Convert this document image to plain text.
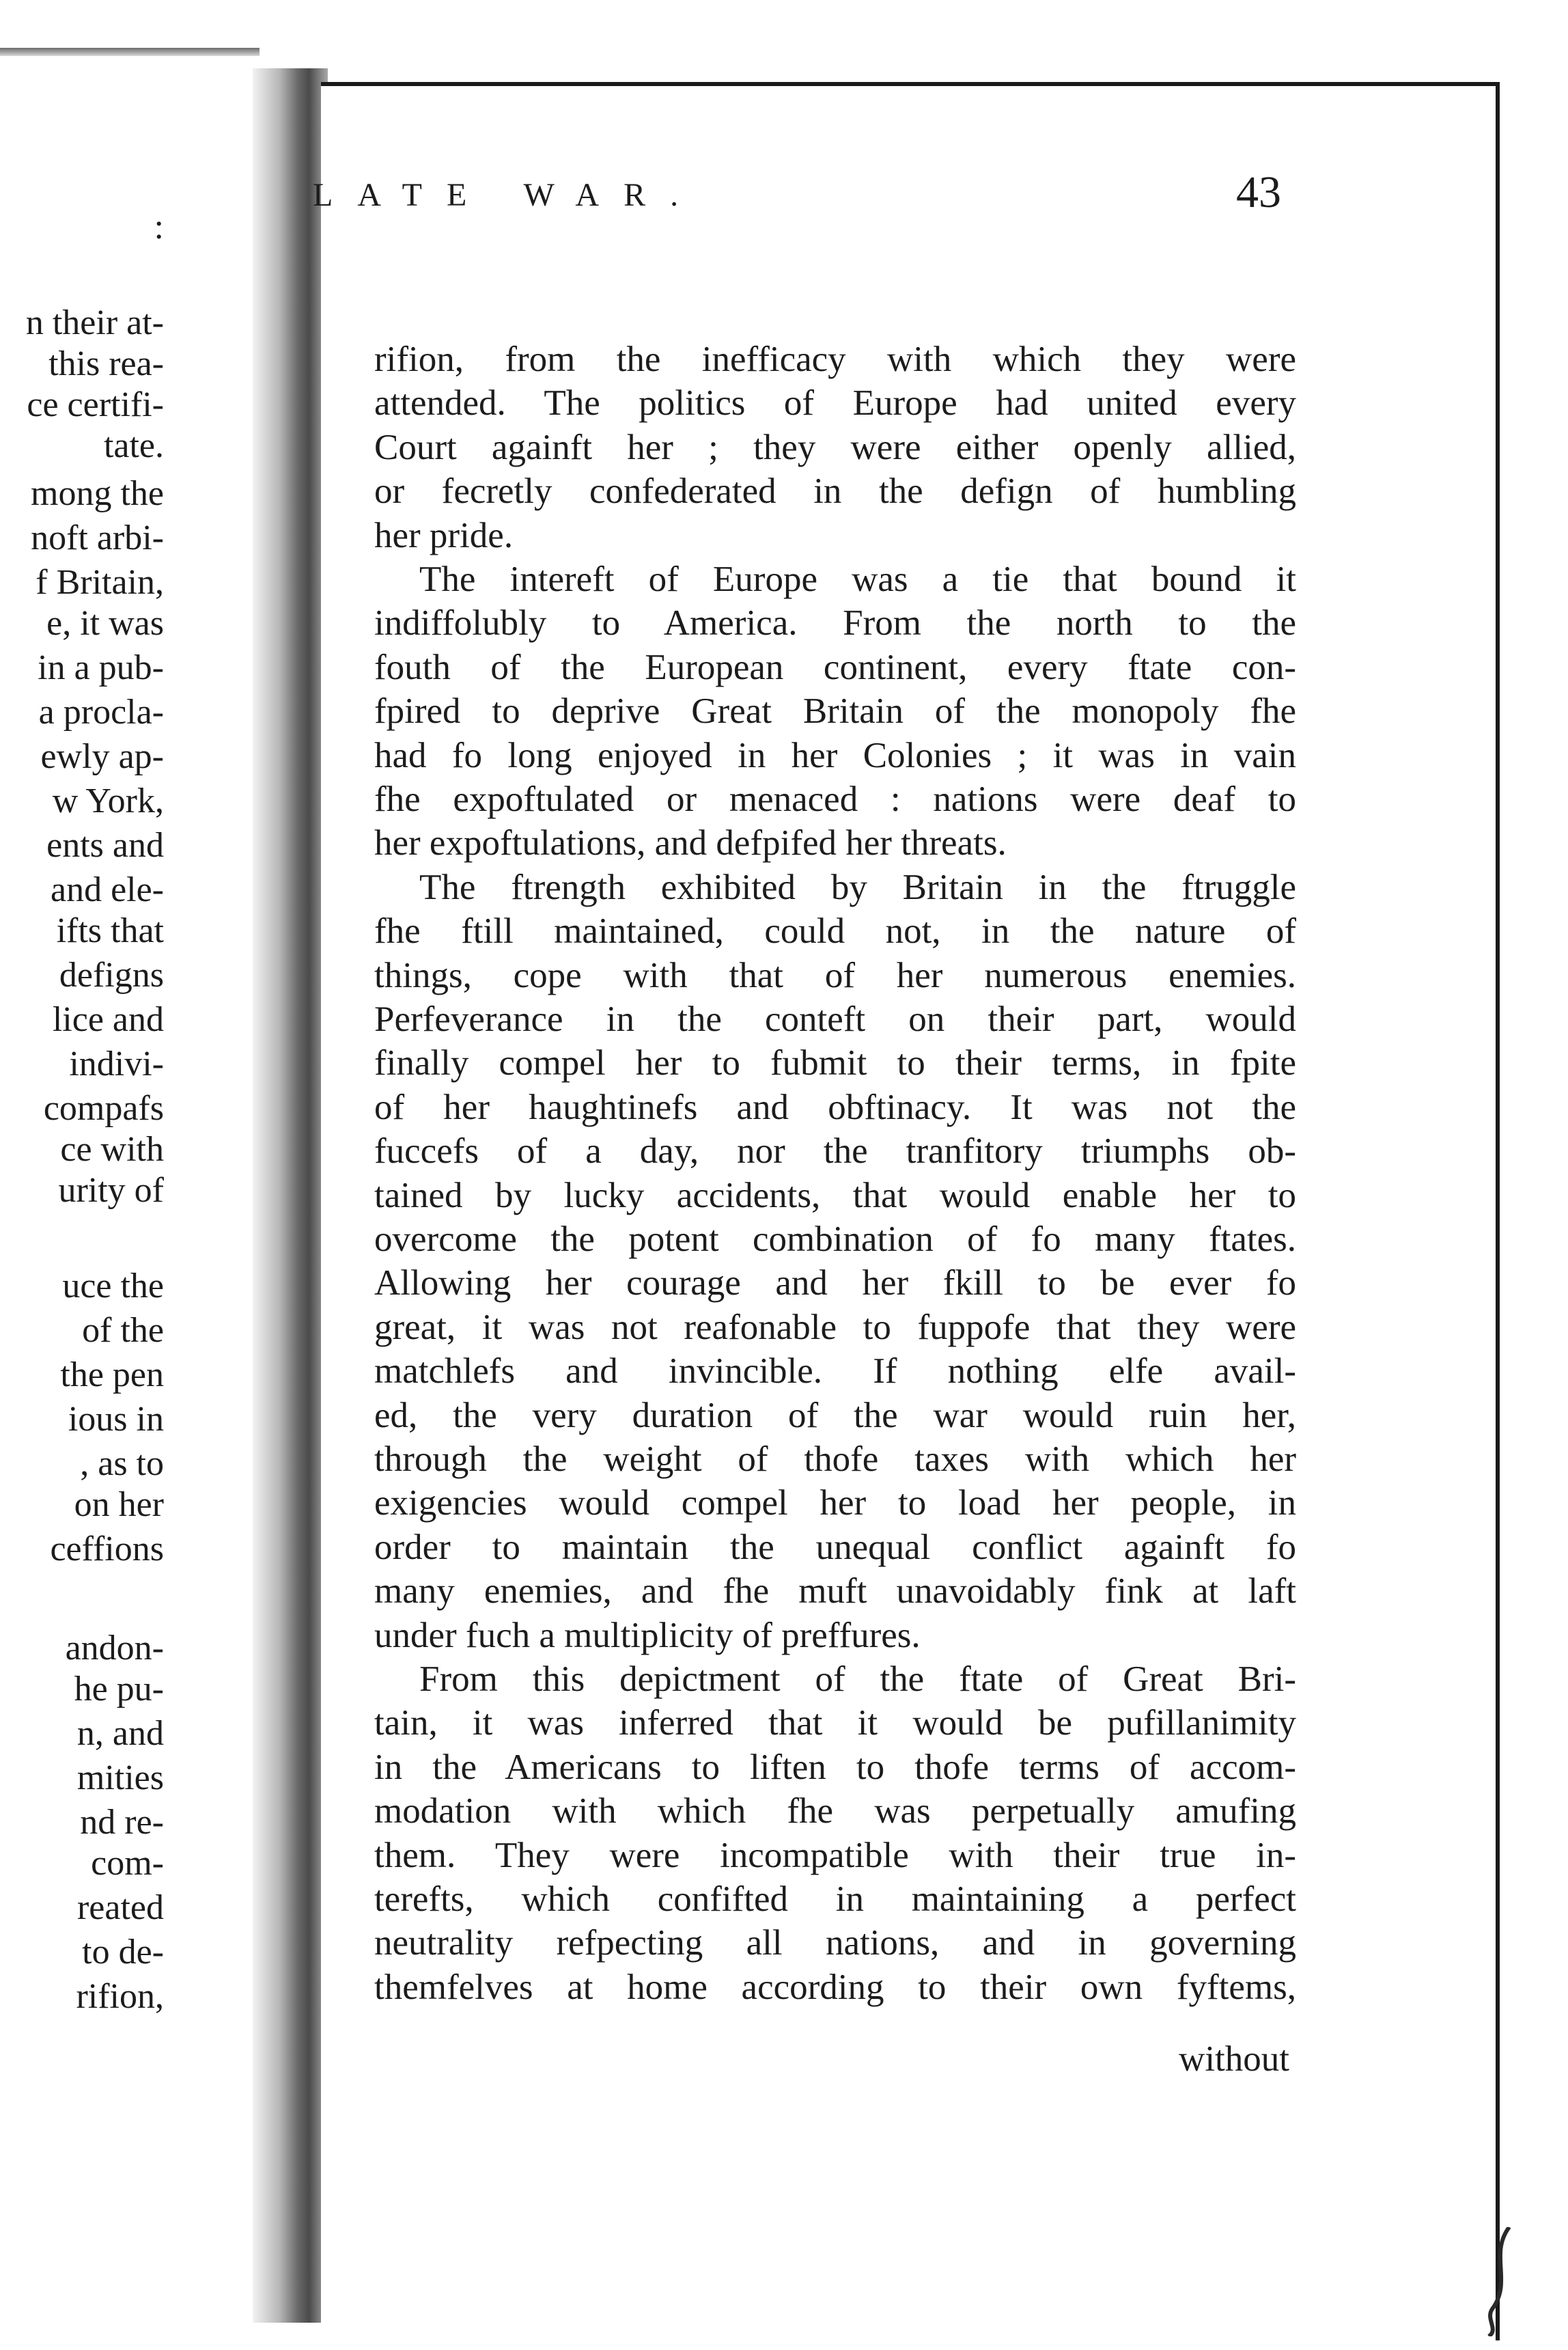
:
n their at-
this rea-
ce certifi-
tate.
mong the
noft arbi-
f Britain,
e, it was
in a pub-
a procla-
ewly ap-
w York,
ents and
and ele-
ifts that
defigns
lice and
indivi-
compafs
ce with
urity of
uce the
of the
the pen
ious in
, as to
on her
ceffions
andon-
he pu-
n, and
mities
nd re-
com-
reated
to de-
rifion,
LATE WAR.	43
rifion, from the inefficacy with which they were
attended. The politics of Europe had united every
Court againft her ; they were either openly allied,
or fecretly confederated in the defign of humbling
her pride.
The intereft of Europe was a tie that bound it
indiffolubly to America. From the north to the
fouth of the European continent, every ftate con-
fpired to deprive Great Britain of the monopoly fhe
had fo long enjoyed in her Colonies ; it was in vain
fhe expoftulated or menaced : nations were deaf to
her expoftulations, and defpifed her threats.
The ftrength exhibited by Britain in the ftruggle
fhe ftill maintained, could not, in the nature of
things, cope with that of her numerous enemies.
Perfeverance in the conteft on their part, would
finally compel her to fubmit to their terms, in fpite
of her haughtinefs and obftinacy. It was not the
fuccefs of a day, nor the tranfitory triumphs ob-
tained by lucky accidents, that would enable her to
overcome the potent combination of fo many ftates.
Allowing her courage and her fkill to be ever fo
great, it was not reafonable to fuppofe that they were
matchlefs and invincible. If nothing elfe avail-
ed, the very duration of the war would ruin her,
through the weight of thofe taxes with which her
exigencies would compel her to load her people, in
order to maintain the unequal conflict againft fo
many enemies, and fhe muft unavoidably fink at laft
under fuch a multiplicity of preffures.
From this depictment of the ftate of Great Bri-
tain, it was inferred that it would be pufillanimity
in the Americans to liften to thofe terms of accom-
modation with which fhe was perpetually amufing
them. They were incompatible with their true in-
terefts, which confifted in maintaining a perfect
neutrality refpecting all nations, and in governing
themfelves at home according to their own fyftems,
without
